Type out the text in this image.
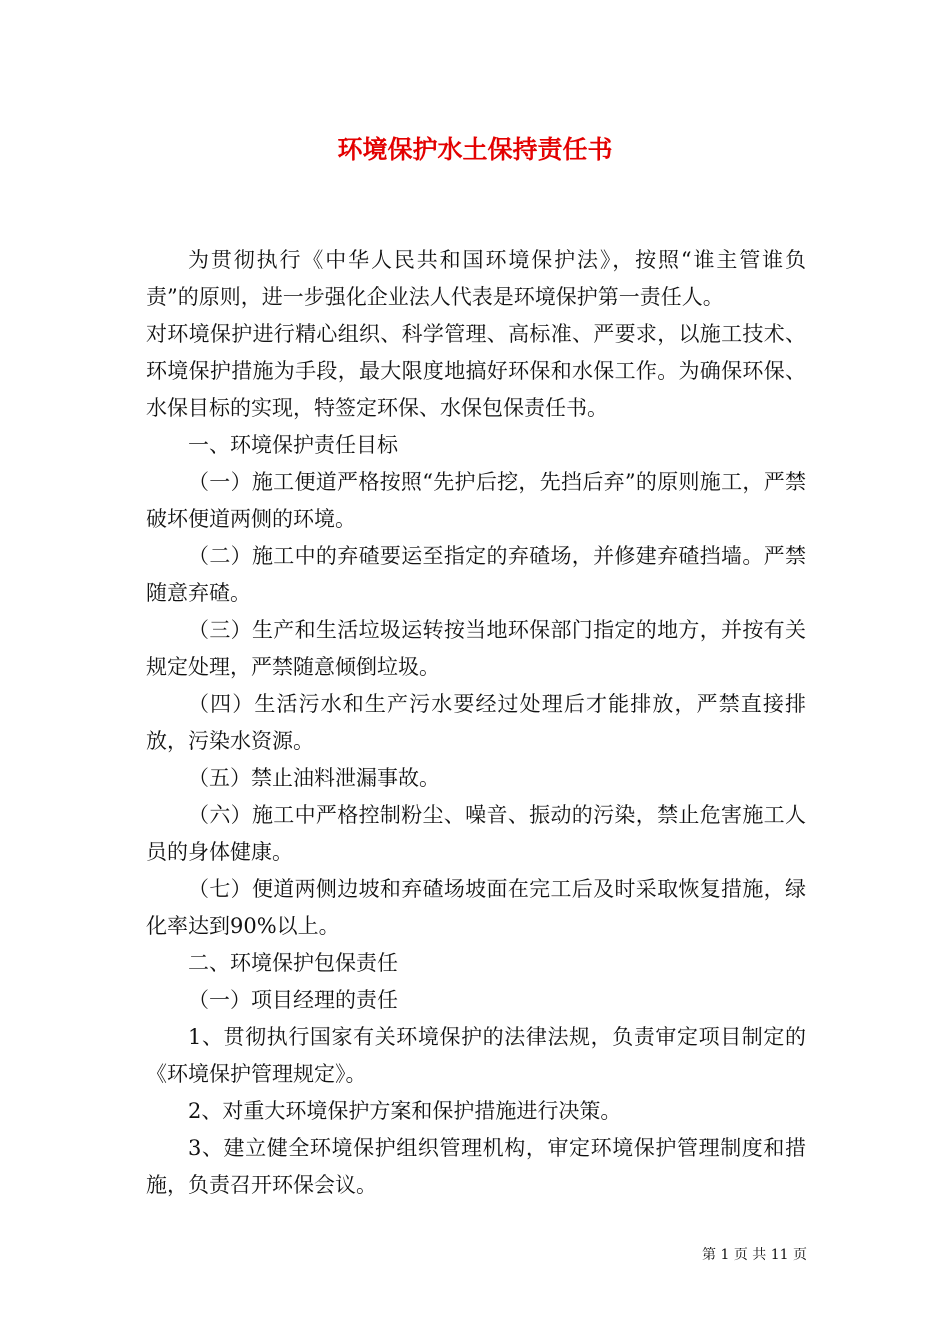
环境保护水土保持责任书

为贯彻执行《中华人民共和国环境保护法》，按照“谁主管谁负责”的原则，进一步强化企业法人代表是环境保护第一责任人。

对环境保护进行精心组织、科学管理、高标准、严要求，以施工技术、环境保护措施为手段，最大限度地搞好环保和水保工作。为确保环保、水保目标的实现，特签定环保、水保包保责任书。

一、环境保护责任目标

（一）施工便道严格按照“先护后挖，先挡后弃”的原则施工，严禁破坏便道两侧的环境。

（二）施工中的弃碴要运至指定的弃碴场，并修建弃碴挡墙。严禁随意弃碴。

（三）生产和生活垃圾运转按当地环保部门指定的地方，并按有关规定处理，严禁随意倾倒垃圾。

（四）生活污水和生产污水要经过处理后才能排放，严禁直接排放，污染水资源。

（五）禁止油料泄漏事故。

（六）施工中严格控制粉尘、噪音、振动的污染，禁止危害施工人员的身体健康。

（七）便道两侧边坡和弃碴场坡面在完工后及时采取恢复措施，绿化率达到90%以上。

二、环境保护包保责任

（一）项目经理的责任

1、贯彻执行国家有关环境保护的法律法规，负责审定项目制定的《环境保护管理规定》。

2、对重大环境保护方案和保护措施进行决策。

3、建立健全环境保护组织管理机构，审定环境保护管理制度和措施，负责召开环保会议。

第 1 页 共 11 页
